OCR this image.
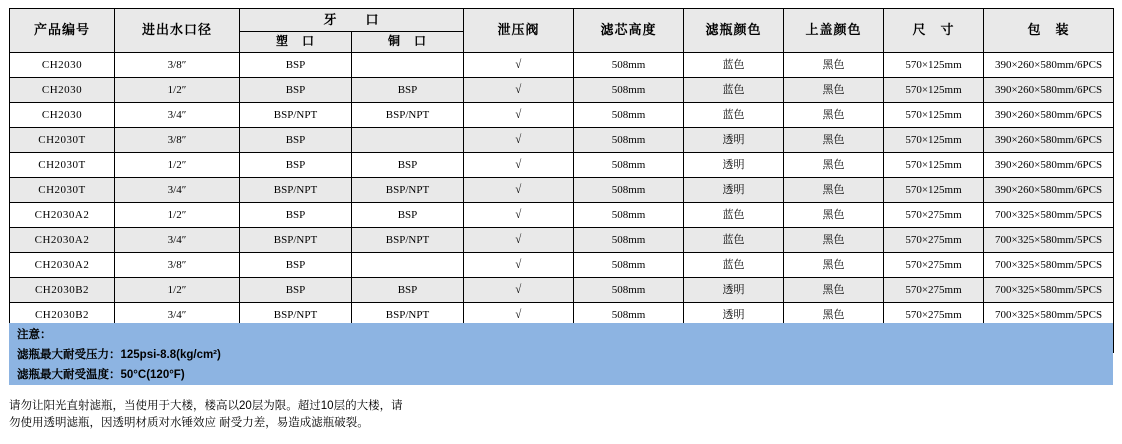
产品编号	进出水口径	牙　　口		泄压阀	滤芯高度	滤瓶颜色	上盖颜色	尺　寸	包　装
		塑　口	铜　口						
CH2030	3/8″	BSP		√	508mm	蓝色	黑色	570×125mm	390×260×580mm/6PCS
CH2030	1/2″	BSP	BSP	√	508mm	蓝色	黑色	570×125mm	390×260×580mm/6PCS
CH2030	3/4″	BSP/NPT	BSP/NPT	√	508mm	蓝色	黑色	570×125mm	390×260×580mm/6PCS
CH2030T	3/8″	BSP		√	508mm	透明	黑色	570×125mm	390×260×580mm/6PCS
CH2030T	1/2″	BSP	BSP	√	508mm	透明	黑色	570×125mm	390×260×580mm/6PCS
CH2030T	3/4″	BSP/NPT	BSP/NPT	√	508mm	透明	黑色	570×125mm	390×260×580mm/6PCS
CH2030A2	1/2″	BSP	BSP	√	508mm	蓝色	黑色	570×275mm	700×325×580mm/5PCS
CH2030A2	3/4″	BSP/NPT	BSP/NPT	√	508mm	蓝色	黑色	570×275mm	700×325×580mm/5PCS
CH2030A2	3/8″	BSP		√	508mm	蓝色	黑色	570×275mm	700×325×580mm/5PCS
CH2030B2	1/2″	BSP	BSP	√	508mm	透明	黑色	570×275mm	700×325×580mm/5PCS
CH2030B2	3/4″	BSP/NPT	BSP/NPT	√	508mm	透明	黑色	570×275mm	700×325×580mm/5PCS

注意：
滤瓶最大耐受压力：125psi-8.8(kg/cm²)
滤瓶最大耐受温度：50°C(120°F)

请勿让阳光直射滤瓶，当使用于大楼，楼高以20层为限。超过10层的大楼，请

勿使用透明滤瓶，因透明材质对水锤效应 耐受力差，易造成滤瓶破裂。
